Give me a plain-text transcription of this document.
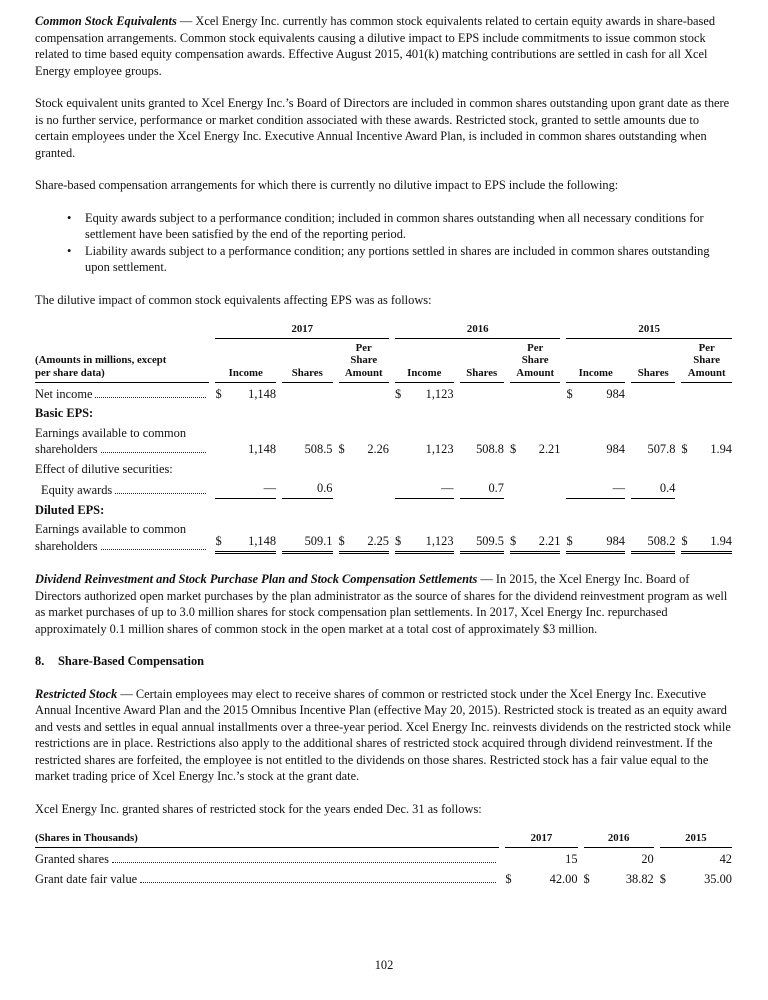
Common Stock Equivalents — Xcel Energy Inc. currently has common stock equivalents related to certain equity awards in share-based compensation arrangements. Common stock equivalents causing a dilutive impact to EPS include commitments to issue common stock related to time based equity compensation awards. Effective August 2015, 401(k) matching contributions are settled in cash for all Xcel Energy employee groups.

Stock equivalent units granted to Xcel Energy Inc.’s Board of Directors are included in common shares outstanding upon grant date as there is no further service, performance or market condition associated with these awards. Restricted stock, granted to settle amounts due to certain employees under the Xcel Energy Inc. Executive Annual Incentive Award Plan, is included in common shares outstanding when granted.

Share-based compensation arrangements for which there is currently no dilutive impact to EPS include the following:

•	Equity awards subject to a performance condition; included in common shares outstanding when all necessary conditions for settlement have been satisfied by the end of the reporting period.
•	Liability awards subject to a performance condition; any portions settled in shares are included in common shares outstanding upon settlement.

The dilutive impact of common stock equivalents affecting EPS was as follows:

	2017			2016			2015		

(Amounts in millions, except
per share data)	Income	Shares	Per
Share
Amount	Income	Shares	Per
Share
Amount	Income	Shares	Per
Share
Amount

Net income	$ 1,148			$ 1,123			$ 984		

Basic EPS:									

Earnings available to common
shareholders	1,148	508.5	$ 2.26	1,123	508.8	$ 2.21	984	507.8	$ 1.94

Effect of dilutive securities:									

Equity awards	—	0.6		—	0.7		—	0.4	

Diluted EPS:									

Earnings available to common
shareholders	$ 1,148	509.1	$ 2.25	$ 1,123	509.5	$ 2.21	$ 984	508.2	$ 1.94

Dividend Reinvestment and Stock Purchase Plan and Stock Compensation Settlements — In 2015, the Xcel Energy Inc. Board of Directors authorized open market purchases by the plan administrator as the source of shares for the dividend reinvestment program as well as market purchases of up to 3.0 million shares for stock compensation plan settlements. In 2017, Xcel Energy Inc. repurchased approximately 0.1 million shares of common stock in the open market at a total cost of approximately $3 million.

8.	Share-Based Compensation

Restricted Stock — Certain employees may elect to receive shares of common or restricted stock under the Xcel Energy Inc. Executive Annual Incentive Award Plan and the 2015 Omnibus Incentive Plan (effective May 20, 2015). Restricted stock is treated as an equity award and vests and settles in equal annual installments over a three-year period. Xcel Energy Inc. reinvests dividends on the restricted stock while restrictions are in place. Restrictions also apply to the additional shares of restricted stock acquired through dividend reinvestment. If the restricted shares are forfeited, the employee is not entitled to the dividends on those shares. Restricted stock has a fair value equal to the market trading price of Xcel Energy Inc.’s stock at the grant date.

Xcel Energy Inc. granted shares of restricted stock for the years ended Dec. 31 as follows:

(Shares in Thousands)	2017	2016	2015

Granted shares	15	20	42

Grant date fair value	$ 42.00	$ 38.82	$ 35.00
102
